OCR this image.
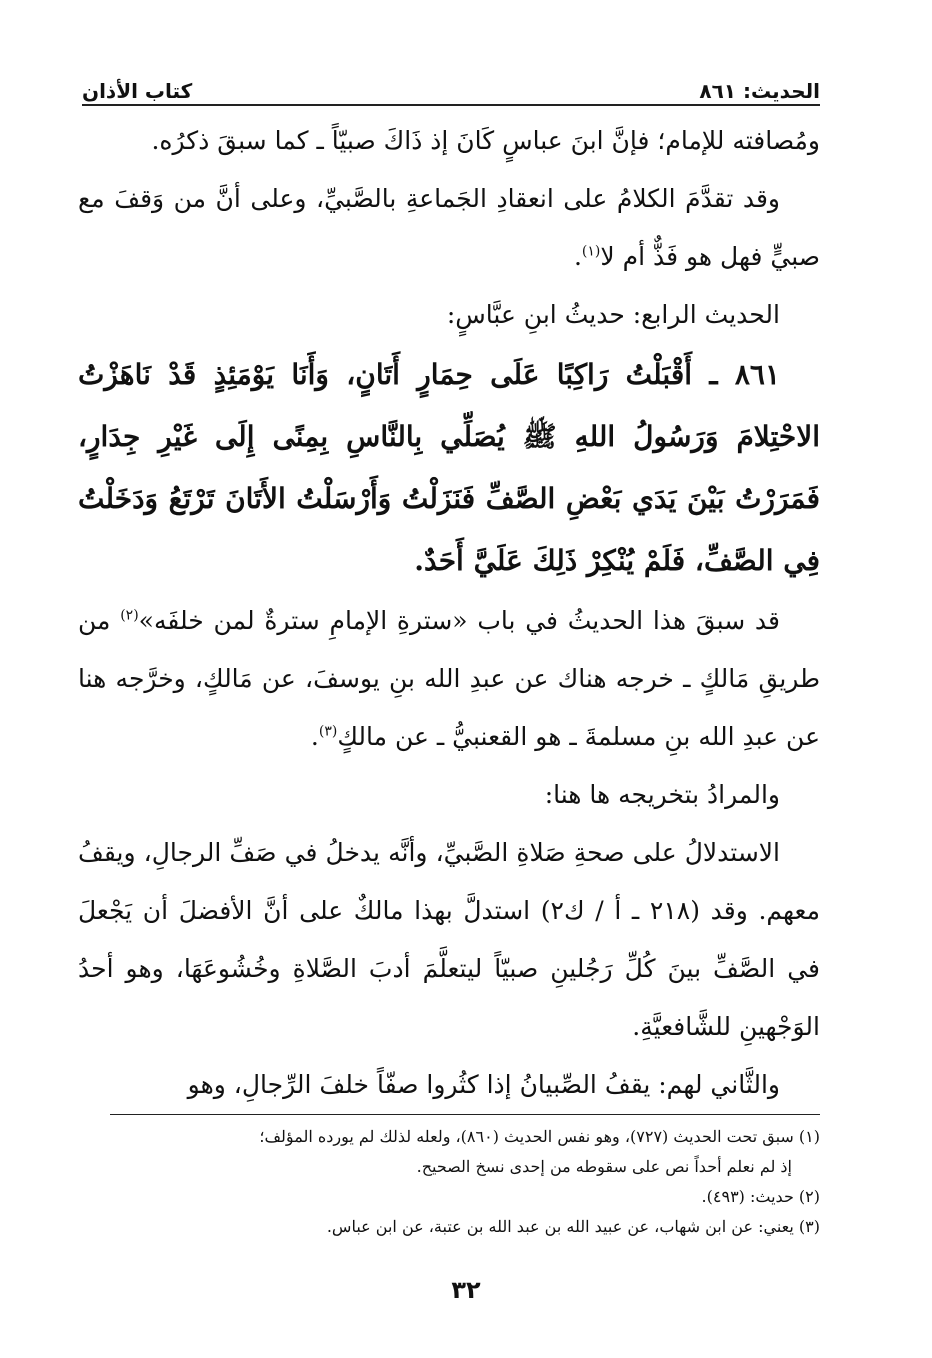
الحديث: ٨٦١
كتاب الأذان

ومُصافته للإمام؛ فإنَّ ابنَ عباسٍ كَانَ إذ ذَاكَ صبيّاً ـ كما سبقَ ذكرُه.

وقد تقدَّمَ الكلامُ على انعقادِ الجَماعةِ بالصَّبيِّ، وعلى أنَّ من وَقفَ مع صبيٍّ فهل هو فَذٌّ أم لا$^{(١)}$.

الحديث الرابع: حديثُ ابنِ عبَّاسٍ:

٨٦١ ـ أَقْبَلْتُ رَاكِبًا عَلَى حِمَارٍ أَتَانٍ، وَأَنَا يَوْمَئِذٍ قَدْ نَاهَزْتُ الاحْتِلامَ وَرَسُولُ اللهِ ﷺ يُصَلِّي بِالنَّاسِ بِمِنًى إِلَى غَيْرِ جِدَارٍ، فَمَرَرْتُ بَيْنَ يَدَي بَعْضِ الصَّفِّ فَنَزَلْتُ وَأَرْسَلْتُ الأَتَانَ تَرْتَعُ وَدَخَلْتُ فِي الصَّفِّ، فَلَمْ يُنْكِرْ ذَلِكَ عَلَيَّ أَحَدٌ.

قد سبقَ هذا الحديثُ في باب «سترةِ الإمامِ سترةٌ لمن خلفَه»$^{(٢)}$ من طريقِ مَالكٍ ـ خرجه هناك عن عبدِ الله بنِ يوسفَ، عن مَالكٍ، وخرَّجه هنا عن عبدِ الله بنِ مسلمةَ ـ هو القعنبيُّ ـ عن مالكٍ$^{(٣)}$.

والمرادُ بتخريجه ها هنا:

الاستدلالُ على صحةِ صَلاةِ الصَّبيِّ، وأنَّه يدخلُ في صَفِّ الرجالِ، ويقفُ معهم. وقد (٢١٨ ـ أ / ك٢) استدلَّ بهذا مالكٌ على أنَّ الأفضلَ أن يَجْعلَ في الصَّفِّ بينَ كُلِّ رَجُلينِ صبيّاً ليتعلَّمَ أدبَ الصَّلاةِ وخُشُوعَهَا، وهو أحدُ الوَجْهينِ للشَّافعيَّةِ.

والثَّاني لهم: يقفُ الصِّبيانُ إذا كثُروا صفّاً خلفَ الرِّجالِ، وهو

(١) سبق تحت الحديث (٧٢٧)، وهو نفس الحديث (٨٦٠)، ولعله لذلك لم يورده المؤلف؛

إذ لم نعلم أحداً نص على سقوطه من إحدى نسخ الصحيح.

(٢) حديث: (٤٩٣).

(٣) يعني: عن ابن شهاب، عن عبيد الله بن عبد الله بن عتبة، عن ابن عباس.

٣٢
